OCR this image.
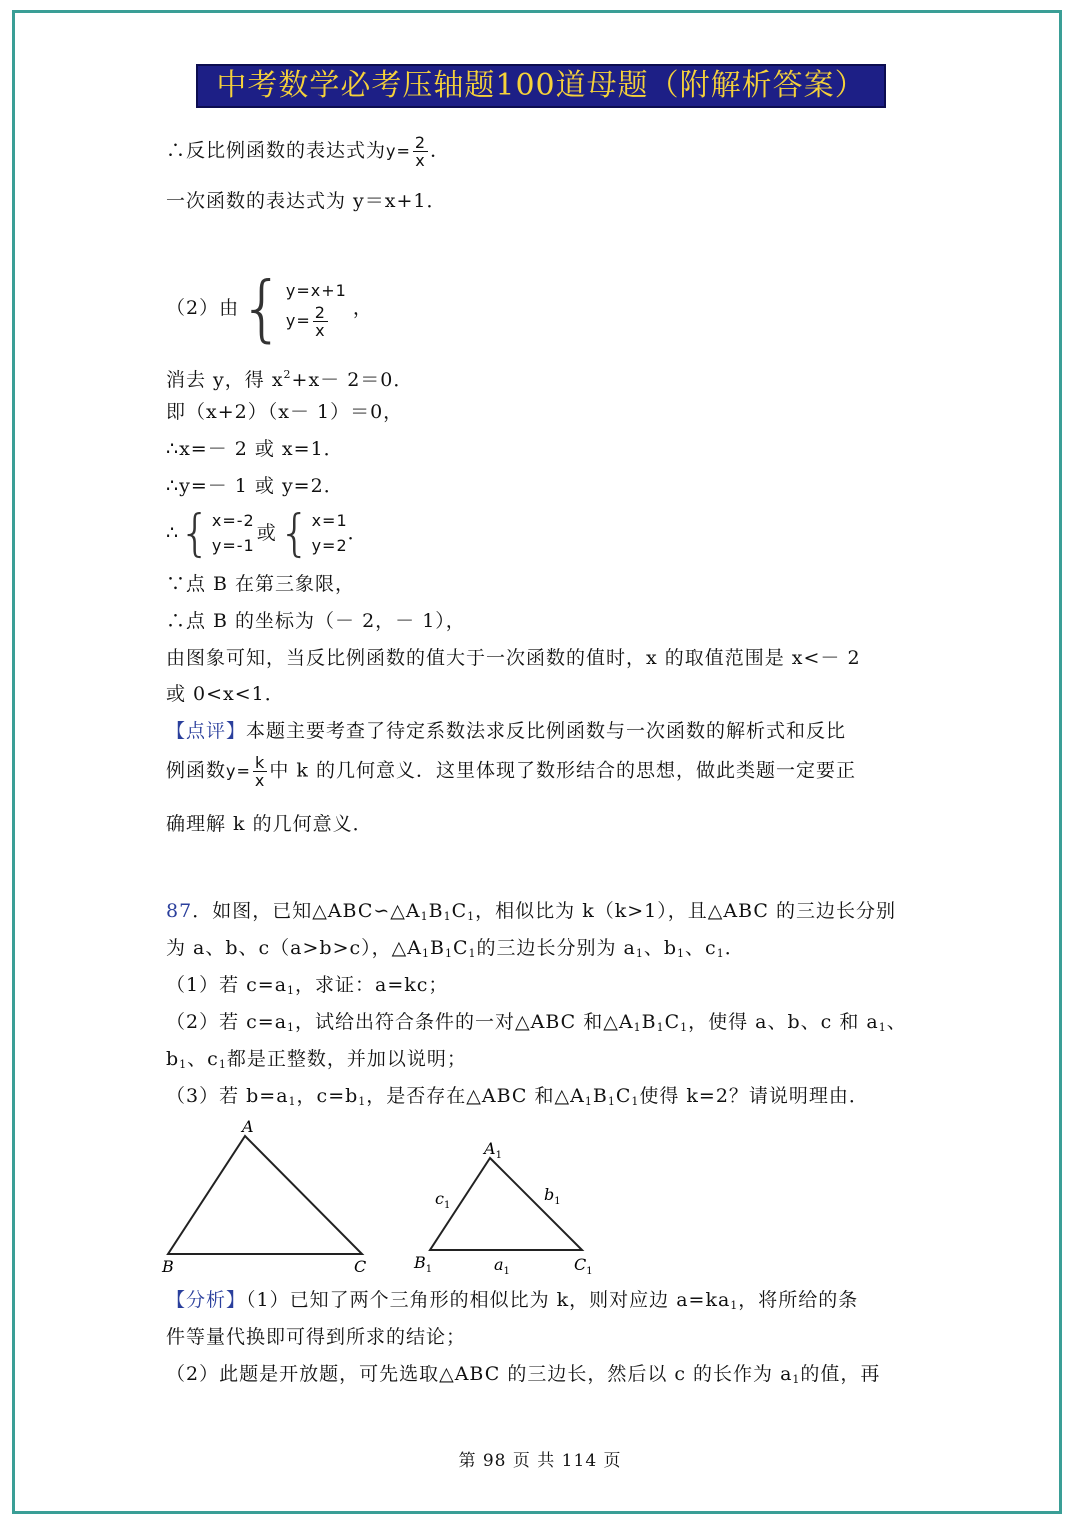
中考数学必考压轴题100道母题（附解析答案）
∴反比例函数的表达式为$y= \frac{2}{x}$ ．
一次函数的表达式为 y＝x+1．
（2）由{ y=x+1
$y= \frac{2}{x}$ ，
消去 y，得 $x^2+x- 2=0$．
即（x+2）（x－ 1）＝0，
∴x=－ 2 或 x=1．
∴y=－ 1 或 y=2．
∴{ x=-2
y=-1
或{ x=1
y=2
．
∵点 B 在第三象限，
∴点 B 的坐标为（－ 2，－ 1），
由图象可知，当反比例函数的值大于一次函数的值时，x 的取值范围是 x<－ 2
或 0<x<1．
【点评】本题主要考查了待定系数法求反比例函数与一次函数的解析式和反比
例函数$y= \frac{k}{x}$ 中 k 的几何意义．这里体现了数形结合的思想，做此类题一定要正
确理解 k 的几何意义．
87．如图，已知$\triangle ABC∽\triangle A_1B_1C_1$，相似比为 k（k>1），且△ABC 的三边长分别
为 a、b、c（a>b>c），$\triangle A_1B_1C_1$的三边长分别为 $a_1$、$b_1$、$c_1$．
（1）若 $c=a_1$，求证：a=kc；
（2）若 $c=a_1$，试给出符合条件的一对△ABC 和$\triangle A_1B_1C_1$，使得 a、b、c 和 $a_1$、
$b_1$、$c_1$都是正整数，并加以说明；
（3）若 $b=a_1$，$c=b_1$，是否存在△ABC 和$\triangle A_1B_1C_1$使得 k=2？请说明理由．
A
B	C
$A_1$
$B_1$	$C_1$
$c_1$
$b_1$
$a_1$
【分析】（1）已知了两个三角形的相似比为 k，则对应边 $a=ka_1$，将所给的条
件等量代换即可得到所求的结论；
（2）此题是开放题，可先选取△ABC 的三边长，然后以 c 的长作为 $a_1$的值，再
第 98 页 共 114 页
